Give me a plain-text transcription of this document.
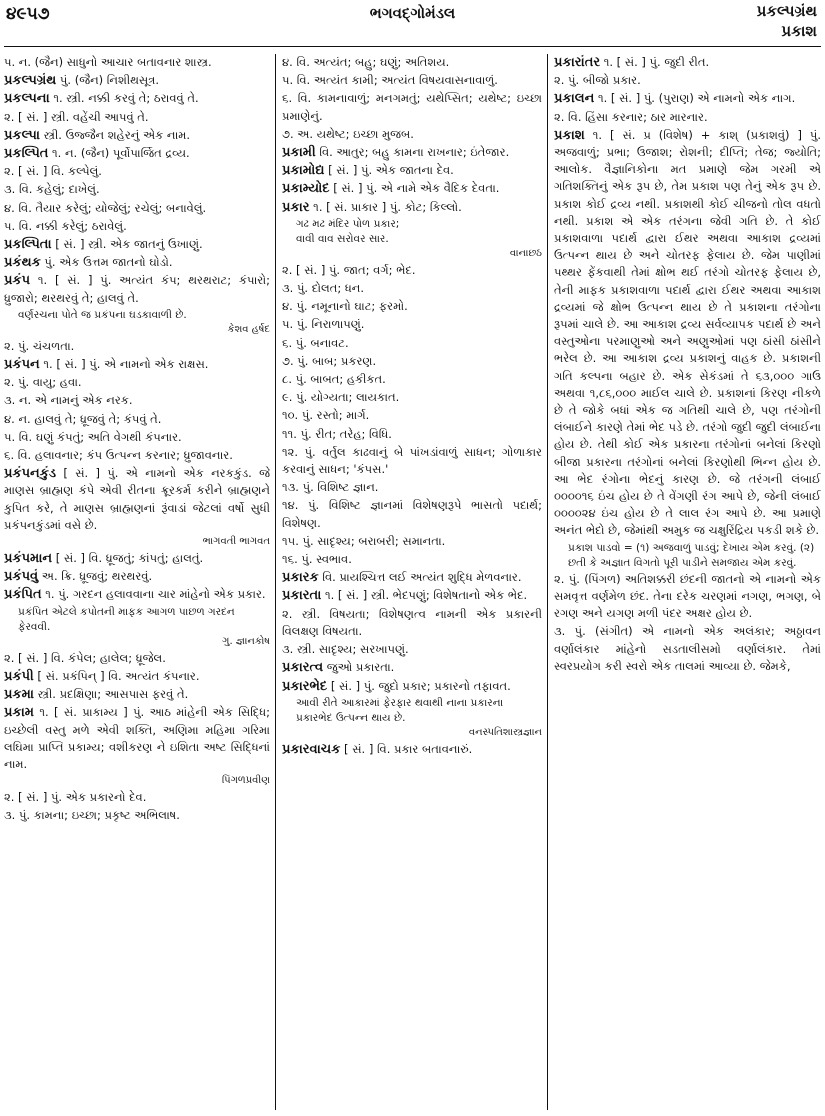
૪૯૫૭	ભગવદ્ગોમંડલ	પ્રકલ્પગ્રંથ
પ્રકાશ

પ. ન. (જૈન) સાધુનો આચાર બતાવનાર શાસ્ત્ર.

પ્રકલ્પગ્રંથ પું. (જૈન) નિશીથસૂત્ર.

પ્રકલ્પના ૧. સ્ત્રી. નક્કી કરવું તે; ઠરાવવું તે.

૨. [ સં. ] સ્ત્રી. વહેંચી આપવું તે.

પ્રકલ્પા સ્ત્રી. ઉજ્જૈન શહેરનું એક નામ.

પ્રકલ્પિત ૧. ન. (જૈન) પૂર્વોપાર્જિત દ્રવ્ય.

૨. [ સં. ] વિ. કલ્પેલું.

૩. વિ. કહેલું; દાખેલું.

૪. વિ. તૈયાર કરેલું; યોજેલું; રચેલું; બનાવેલું.

પ. વિ. નક્કી કરેલું; ઠરાવેલું.

પ્રકલ્પિતા [ સં. ] સ્ત્રી. એક જાતનું ઉખાણું.

પ્રકંથક પું. એક ઉત્તમ જાતનો ઘોડો.

પ્રકંપ ૧. [ સં. ] પું. અત્યંત કંપ; થરથરાટ; કંપારો; ધ્રુજારો; થરથરવું તે; હાલવું તે.

વર્ણરચના પોતે જ પ્રકંપના ઘડકાવાળી છે.

કેશવ હર્ષદ

૨. પું. ચંચળતા.

પ્રકંપન ૧. [ સં. ] પું. એ નામનો એક રાક્ષસ.

૨. પું. વાયુ; હવા.

૩. ન. એ નામનું એક નરક.

૪. ન. હાલવું તે; ધ્રૂજવું તે; કંપવું તે.

પ. વિ. ઘણું કંપતું; અતિ વેગથી કંપનાર.

૬. વિ. હલાવનાર; કંપ ઉત્પન્ન કરનાર; ધ્રુજાવનાર.

પ્રકંપનકુંડ [ સં. ] પું. એ નામનો એક નરકકુંડ. જે માણસ બ્રાહ્મણ કંપે એવી રીતના ક્રૂરકર્મ કરીને બ્રાહ્મણને કુપિત કરે, તે માણસ બ્રાહ્મણનાં રૂંવાડાં જેટલાં વર્ષો સુધી પ્રકંપનકુંડમાં વસે છે.

ભાગવતી ભાગવત

પ્રકંપમાન [ સં. ] વિ. ધ્રૂજતું; કાંપતું; હાલતું.

પ્રકંપવું અ. ક્રિ. ધ્રૂજવું; થરથરવું.

પ્રકંપિત ૧. પું. ગરદન હલાવવાના ચાર માંહેનો એક પ્રકાર.

પ્રકંપિત એટલે કપોતની માફક આગળ પાછળ ગરદન ફેરવવી.

ગુ. જ્ઞાનકોષ

૨. [ સં. ] વિ. કંપેલ; હાલેલ; ધ્રૂજેલ.

પ્રકંપી [ સં. પ્રકંપિન્ ] વિ. અત્યંત કંપનાર.

પ્રકમા સ્ત્રી. પ્રદક્ષિણા; આસપાસ ફરવું તે.

પ્રકામ ૧. [ સં. પ્રાકામ્ય ] પું. આઠ માંહેની એક સિદ્ધિ; ઇચ્છેલી વસ્તુ મળે એવી શક્તિ, અણિમા મહિમા ગરિમા લઘિમા પ્રાપ્તિ પ્રકામ્ય; વશીકરણ ને ઇશિતા અષ્ટ સિદ્ધિનાં નામ.

પિંગળપ્રવીણ

૨. [ સં. ] પું. એક પ્રકારનો દેવ.

૩. પું. કામના; ઇચ્છા; પ્રકૃષ્ટ અભિલાષ.

૪. વિ. અત્યંત; બહુ; ઘણું; અતિશય.

પ. વિ. અત્યંત કામી; અત્યંત વિષયવાસનાવાળું.

૬. વિ. કામનાવાળું; મનગમતું; યથેપ્સિત; યથેષ્ટ; ઇચ્છા પ્રમાણેનું.

૭. અ. યથેષ્ટ; ઇચ્છા મુજબ.

પ્રકામી વિ. આતુર; બહુ કામના રાખનાર; ઇંતેજાર.

પ્રકામોદ્ય [ સં. ] પું. એક જાતના દેવ.

પ્રકામ્યોદ [ સં. ] પું. એ નામે એક વૈદિક દેવતા.

પ્રકાર ૧. [ સં. પ્રાકાર ] પું. કોટ; કિલ્લો.

ગઢ મઢ મંદિર પોળ પ્રકાર;

વાવી વાવ સરોવર સાર.

વાનાછઠ

૨. [ સં. ] પું. જાત; વર્ગ; ભેદ.

૩. પું. દોલત; ધન.

૪. પું. નમૂનાનો ઘાટ; ફરમો.

પ. પું. નિરાળાપણું.

૬. પું. બનાવટ.

૭. પું. બાબ; પ્રકરણ.

૮. પું. બાબત; હકીકત.

૯. પું. યોગ્યતા; લાયકાત.

૧૦. પું. રસ્તો; માર્ગ.

૧૧. પું. રીત; તરેહ; વિધિ.

૧૨. પું. વર્તુલ કાઢવાનું બે પાંખડાંવાળું સાધન; ગોળાકાર કરવાનું સાધન; 'કંપસ.'

૧૩. પું. વિશિષ્ટ જ્ઞાન.

૧૪. પું. વિશિષ્ટ જ્ઞાનમાં વિશેષણરૂપે ભાસતો પદાર્થ; વિશેષણ.

૧૫. પું. સાદૃશ્ય; બરાબરી; સમાનતા.

૧૬. પું. સ્વભાવ.

પ્રકારક વિ. પ્રાયશ્ચિત્ત લઈ અત્યંત શુદ્ધિ મેળવનાર.

પ્રકારતા ૧. [ સં. ] સ્ત્રી. ભેદપણું; વિશેષતાનો એક ભેદ.

૨. સ્ત્રી. વિષયતા; વિશેષણત્વ નામની એક પ્રકારની વિલક્ષણ વિષયતા.

૩. સ્ત્રી. સાદૃશ્ય; સરખાપણું.

પ્રકારત્વ જુઓ પ્રકારતા.

પ્રકારભેદ [ સં. ] પું. જુદો પ્રકાર; પ્રકારનો તફાવત.

આવી રીતે આકારમાં ફેરફાર થવાથી નાના પ્રકારના પ્રકારભેદ ઉત્પન્ન થાય છે.

વનસ્પતિશાસ્ત્રજ્ઞાન

પ્રકારવાચક [ સં. ] વિ. પ્રકાર બતાવનારું.

પ્રકારાંતર ૧. [ સં. ] પું. જુદી રીત.

૨. પું. બીજો પ્રકાર.

પ્રકાલન ૧. [ સં. ] પું. (પુરાણ) એ નામનો એક નાગ.

૨. વિ. હિંસા કરનાર; ઠાર મારનાર.

પ્રકાશ ૧. [ સં. પ્ર (વિશેષ) + કાશ્ (પ્રકાશવું) ] પું. અજવાળું; પ્રભા; ઉજાશ; રોશની; દીપ્તિ; તેજ; જ્યોતિ; આલોક. વૈજ્ઞાનિકોના મત પ્રમાણે જેમ ગરમી એ ગતિશક્તિનું એક રૂપ છે, તેમ પ્રકાશ પણ તેનું એક રૂપ છે. પ્રકાશ કોઈ દ્રવ્ય નથી. પ્રકાશથી કોઈ ચીજનો તોલ વધતો નથી. પ્રકાશ એ એક તરંગના જેવી ગતિ છે. તે કોઈ પ્રકાશવાળા પદાર્થ દ્વારા ઈથર અથવા આકાશ દ્રવ્યમાં ઉત્પન્ન થાય છે અને ચોતરફ ફેલાય છે. જેમ પાણીમાં પથ્થર ફેંકવાથી તેમાં ક્ષોભ થઈ તરંગો ચોતરફ ફેલાય છે, તેની માફક પ્રકાશવાળા પદાર્થ દ્વારા ઈથર અથવા આકાશ દ્રવ્યમાં જે ક્ષોભ ઉત્પન્ન થાય છે તે પ્રકાશના તરંગોના રૂપમાં ચાલે છે. આ આકાશ દ્રવ્ય સર્વવ્યાપક પદાર્થ છે અને વસ્તુઓના પરમાણુઓ અને અણુઓમાં પણ ઠાંસી ઠાંસીને ભરેલ છે. આ આકાશ દ્રવ્ય પ્રકાશનું વાહક છે. પ્રકાશની ગતિ કલ્પના બહાર છે. એક સેકંડમાં તે ૬૩,૦૦૦ ગાઉ અથવા ૧,૮૬,૦૦૦ માઈલ ચાલે છે. પ્રકાશનાં કિરણ નીકળે છે તે જોકે બધાં એક જ ગતિથી ચાલે છે, પણ તરંગોની લંબાઈને કારણે તેમાં ભેદ પડે છે. તરંગો જુદી જુદી લંબાઈના હોય છે. તેથી કોઈ એક પ્રકારના તરંગોનાં બનેલાં કિરણો બીજા પ્રકારના તરંગોનાં બનેલાં કિરણોથી ભિન્ન હોય છે. આ ભેદ રંગોના ભેદનું કારણ છે. જે તરંગની લંબાઈ ૦૦૦૦૧૬ ઇંચ હોય છે તે વેંગણી રંગ આપે છે, જેની લંબાઈ ૦૦૦૦૨૪ ઇંચ હોય છે તે લાલ રંગ આપે છે. આ પ્રમાણે અનંત ભેદો છે, જેમાંથી અમુક જ ચક્ષુરિંદ્રિય પકડી શકે છે.

પ્રકાશ પાડવો = (૧) અજવાળું પાડવું; દેખાય એમ કરવું. (૨) છતી કે અજ્ઞાત વિગતો પૂરી પાડીને સમજાય એમ કરવું.

૨. પું. (પિંગળ) અતિશક્કરી છંદની જાતનો એ નામનો એક સમવૃત્ત વર્ણમેળ છંદ. તેના દરેક ચરણમાં નગણ, ભગણ, બે રગણ અને યગણ મળી પંદર અક્ષર હોય છે.

૩. પું. (સંગીત) એ નામનો એક અલંકાર; અઠ્ઠાવન વર્ણાલંકાર માંહેનો સડતાલીસમો વર્ણાલંકાર. તેમાં સ્વરપ્રયોગ કરી સ્વરો એક તાલમાં આવ્યા છે. જેમકે,
